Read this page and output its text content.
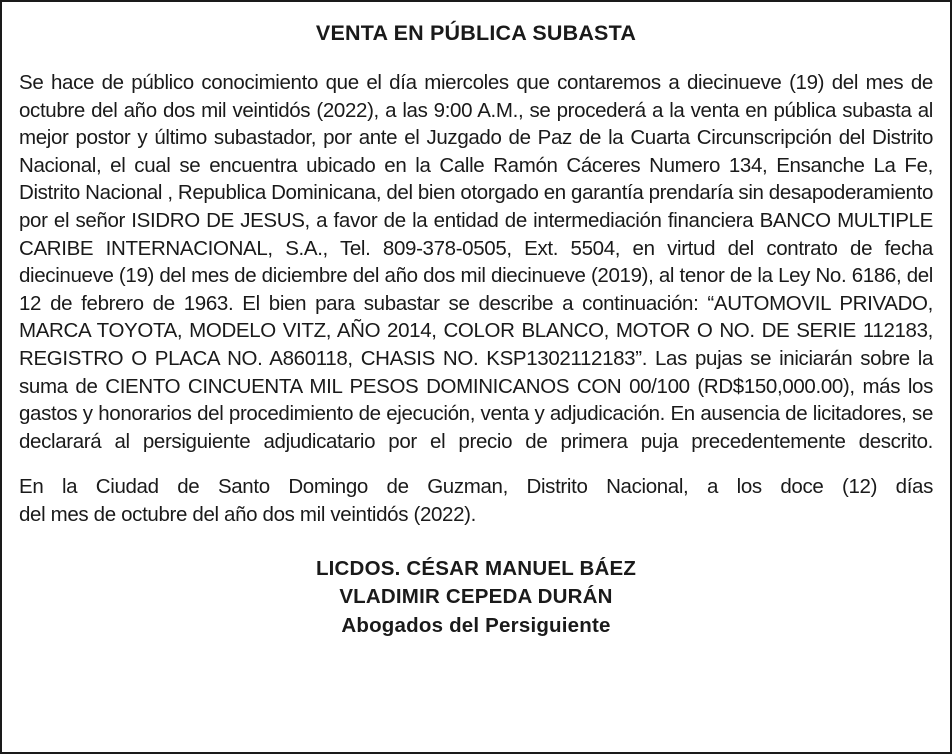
VENTA EN PÚBLICA SUBASTA

Se hace de público conocimiento que el día miercoles que contaremos a diecinueve (19) del mes de octubre del año dos mil veintidós (2022), a las 9:00 A.M., se procederá a la venta en pública subasta al mejor postor y último subastador, por ante el Juzgado de Paz de la Cuarta Circunscripción del Distrito Nacional, el cual se encuentra ubicado en la Calle Ramón Cáceres Numero 134, Ensanche La Fe, Distrito Nacional , Republica Dominicana, del bien otorgado en garantía prendaría sin desapoderamiento por el señor ISIDRO DE JESUS, a favor de la entidad de intermediación financiera BANCO MULTIPLE CARIBE INTERNACIONAL, S.A., Tel. 809-378-0505, Ext. 5504, en virtud del contrato de fecha diecinueve (19) del mes de diciembre del año dos mil diecinueve (2019), al tenor de la Ley No. 6186, del 12 de febrero de 1963. El bien para subastar se describe a continuación: “AUTOMOVIL PRIVADO, MARCA TOYOTA, MODELO VITZ, AÑO 2014, COLOR BLANCO, MOTOR O NO. DE SERIE 112183, REGISTRO O PLACA NO. A860118, CHASIS NO. KSP1302112183”. Las pujas se iniciarán sobre la suma de CIENTO CINCUENTA MIL PESOS DOMINICANOS CON 00/100 (RD$150,000.00), más los gastos y honorarios del procedimiento de ejecución, venta y adjudicación. En ausencia de licitadores, se declarará al persiguiente adjudicatario por el precio de primera puja precedentemente descrito.

En la Ciudad de Santo Domingo de Guzman, Distrito Nacional, a los doce (12) días
del mes de octubre del año dos mil veintidós (2022).

LICDOS. CÉSAR MANUEL BÁEZ
VLADIMIR CEPEDA DURÁN
Abogados del Persiguiente
